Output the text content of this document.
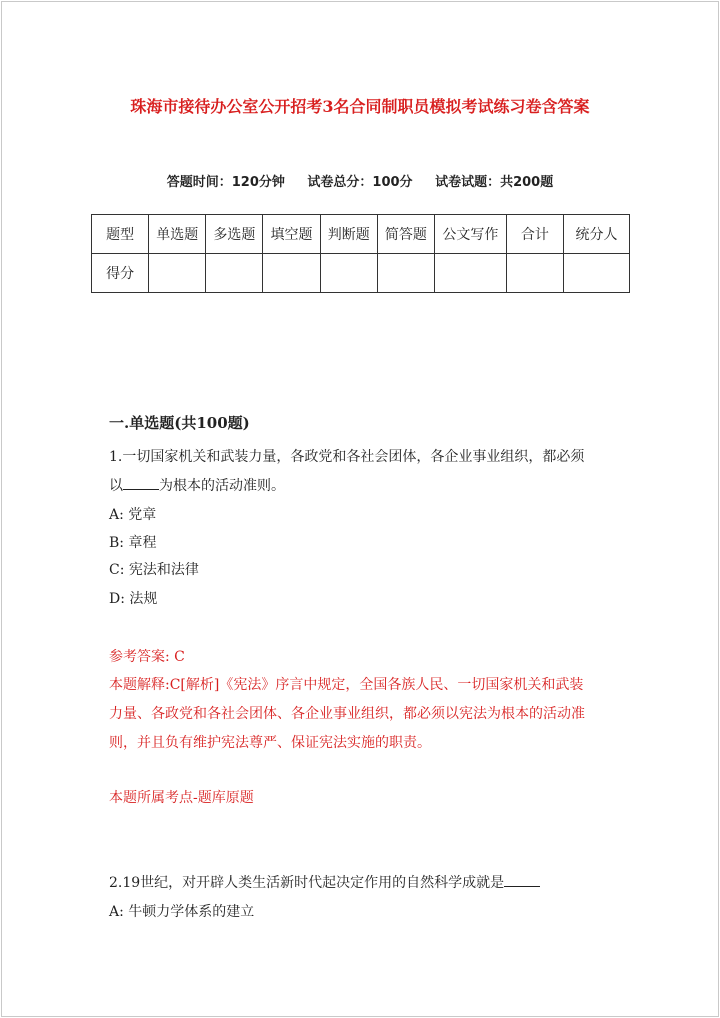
珠海市接待办公室公开招考3名合同制职员模拟考试练习卷含答案
答题时间：120分钟 试卷总分：100分 试卷试题：共200题
题型	单选题	多选题	填空题	判断题	简答题	公文写作	合计	统分人
得分								
一.单选题(共100题)
1.一切国家机关和武装力量，各政党和各社会团体，各企业事业组织，都必须
以	为根本的活动准则。
A: 党章
B: 章程
C: 宪法和法律
D: 法规
参考答案: C
本题解释:C[解析]《宪法》序言中规定，全国各族人民、一切国家机关和武装
力量、各政党和各社会团体、各企业事业组织，都必须以宪法为根本的活动准
则，并且负有维护宪法尊严、保证宪法实施的职责。
本题所属考点-题库原题
2.19世纪，对开辟人类生活新时代起决定作用的自然科学成就是
A: 牛顿力学体系的建立
